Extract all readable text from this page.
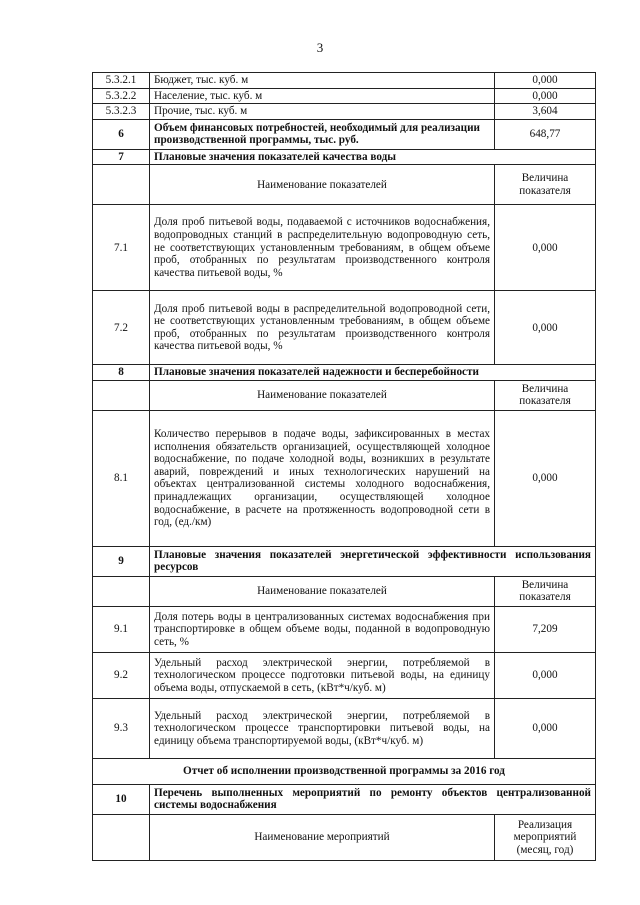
3
5.3.2.1	Бюджет, тыс. куб. м	0,000
5.3.2.2	Население, тыс. куб. м	0,000
5.3.2.3	Прочие, тыс. куб. м	3,604
6	Объем финансовых потребностей, необходимый для реализации производственной программы, тыс. руб.	648,77
7	Плановые значения показателей качества воды	
	Наименование показателей	Величина показателя
7.1	Доля проб питьевой воды, подаваемой с источников водоснабжения, водопроводных станций в распределительную водопроводную сеть, не соответствующих установленным требованиям, в общем объеме проб, отобранных по результатам производственного контроля качества питьевой воды, %	0,000
7.2	Доля проб питьевой воды в распределительной водопроводной сети, не соответствующих установленным требованиям, в общем объеме проб, отобранных по результатам производственного контроля качества питьевой воды, %	0,000
8	Плановые значения показателей надежности и бесперебойности	
	Наименование показателей	Величина показателя
8.1	Количество перерывов в подаче воды, зафиксированных в местах исполнения обязательств организацией, осуществляющей холодное водоснабжение, по подаче холодной воды, возникших в результате аварий, повреждений и иных технологических нарушений на объектах централизованной системы холодного водоснабжения, принадлежащих организации, осуществляющей холодное водоснабжение, в расчете на протяженность водопроводной сети в год, (ед./км)	0,000
9	Плановые значения показателей энергетической эффективности использования ресурсов	
	Наименование показателей	Величина показателя
9.1	Доля потерь воды в централизованных системах водоснабжения при транспортировке в общем объеме воды, поданной в водопроводную сеть, %	7,209
9.2	Удельный расход электрической энергии, потребляемой в технологическом процессе подготовки питьевой воды, на единицу объема воды, отпускаемой в сеть, (кВт*ч/куб. м)	0,000
9.3	Удельный расход электрической энергии, потребляемой в технологическом процессе транспортировки питьевой воды, на единицу объема транспортируемой воды, (кВт*ч/куб. м)	0,000
Отчет об исполнении производственной программы за 2016 год		
10	Перечень выполненных мероприятий по ремонту объектов централизованной системы водоснабжения	
	Наименование мероприятий	Реализация мероприятий (месяц, год)
